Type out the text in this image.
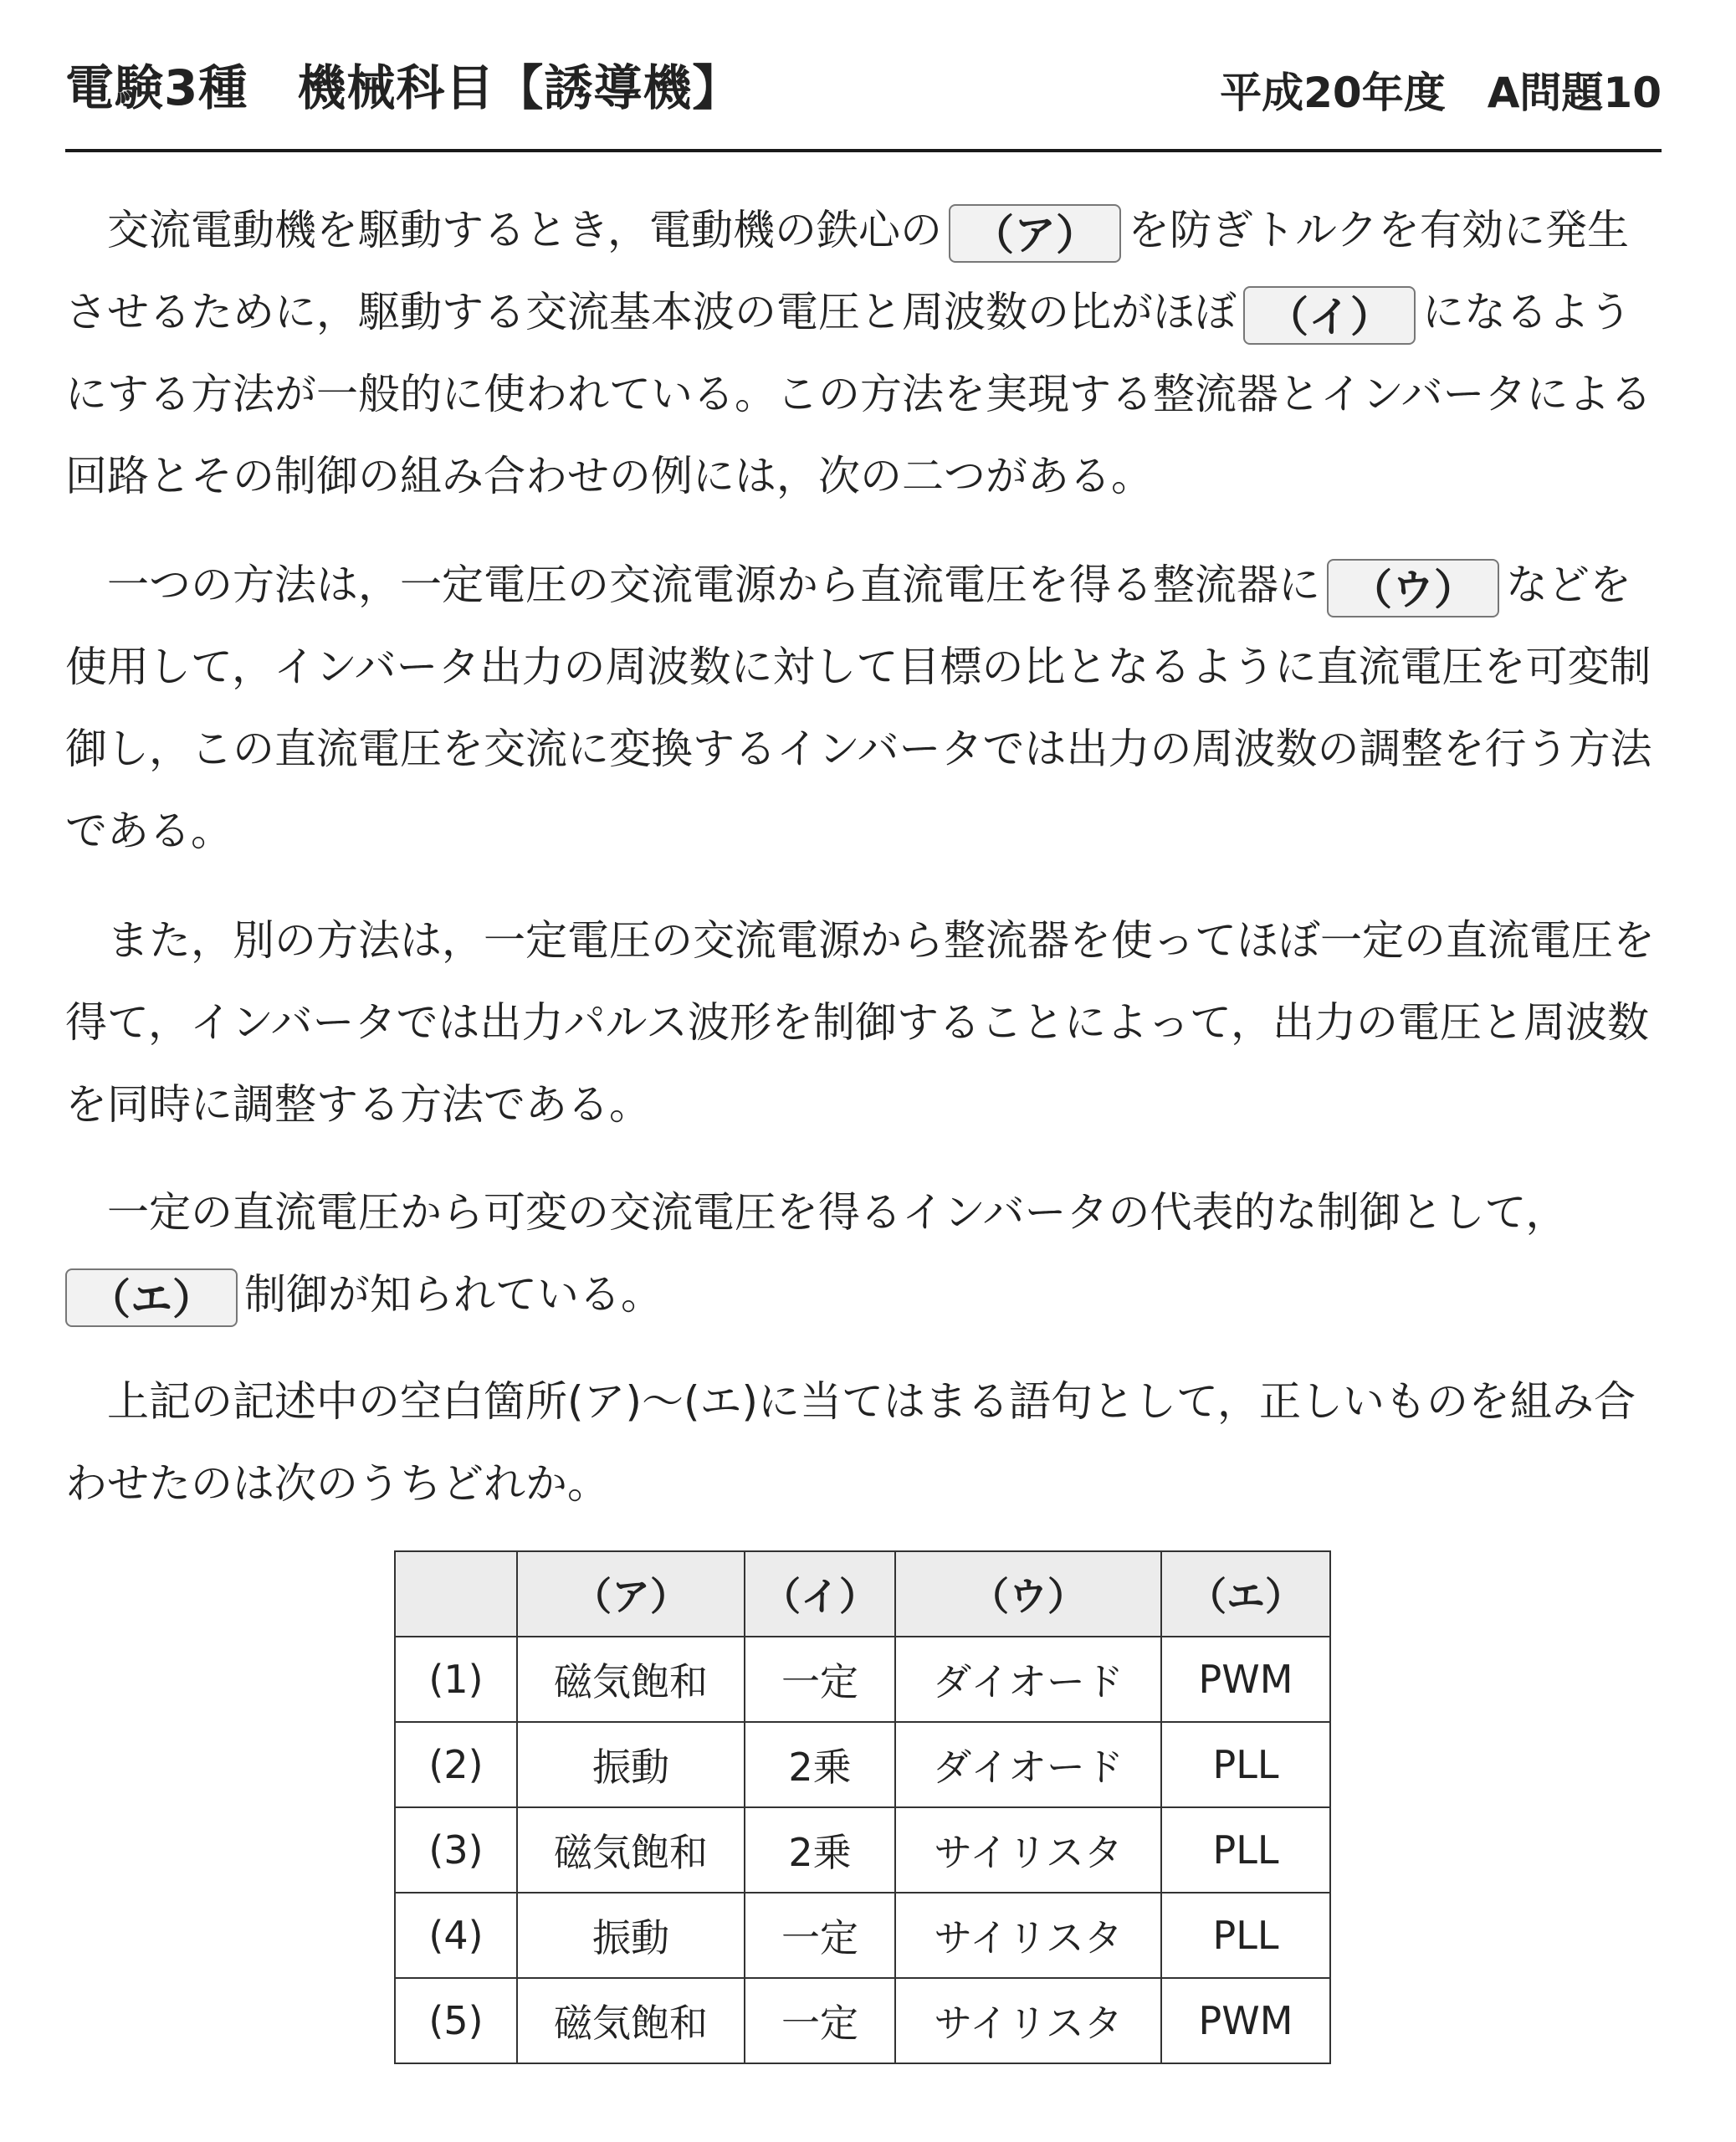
電験3種　機械科目【誘導機】	平成20年度　A問題10

交流電動機を駆動するとき，電動機の鉄心の （ア） を防ぎトルクを有効に発生させるために，駆動する交流基本波の電圧と周波数の比がほぼ （イ） になるようにする方法が一般的に使われている。この方法を実現する整流器とインバータによる回路とその制御の組み合わせの例には，次の二つがある。

一つの方法は，一定電圧の交流電源から直流電圧を得る整流器に （ウ） などを使用して，インバータ出力の周波数に対して目標の比となるように直流電圧を可変制御し，この直流電圧を交流に変換するインバータでは出力の周波数の調整を行う方法である。

また，別の方法は，一定電圧の交流電源から整流器を使ってほぼ一定の直流電圧を得て，インバータでは出力パルス波形を制御することによって，出力の電圧と周波数を同時に調整する方法である。

一定の直流電圧から可変の交流電圧を得るインバータの代表的な制御として，（エ） 制御が知られている。

上記の記述中の空白箇所(ア)～(エ)に当てはまる語句として，正しいものを組み合わせたのは次のうちどれか。

	（ア）	（イ）	（ウ）	（エ）
(1)	磁気飽和	一定	ダイオード	PWM
(2)	振動	2乗	ダイオード	PLL
(3)	磁気飽和	2乗	サイリスタ	PLL
(4)	振動	一定	サイリスタ	PLL
(5)	磁気飽和	一定	サイリスタ	PWM
